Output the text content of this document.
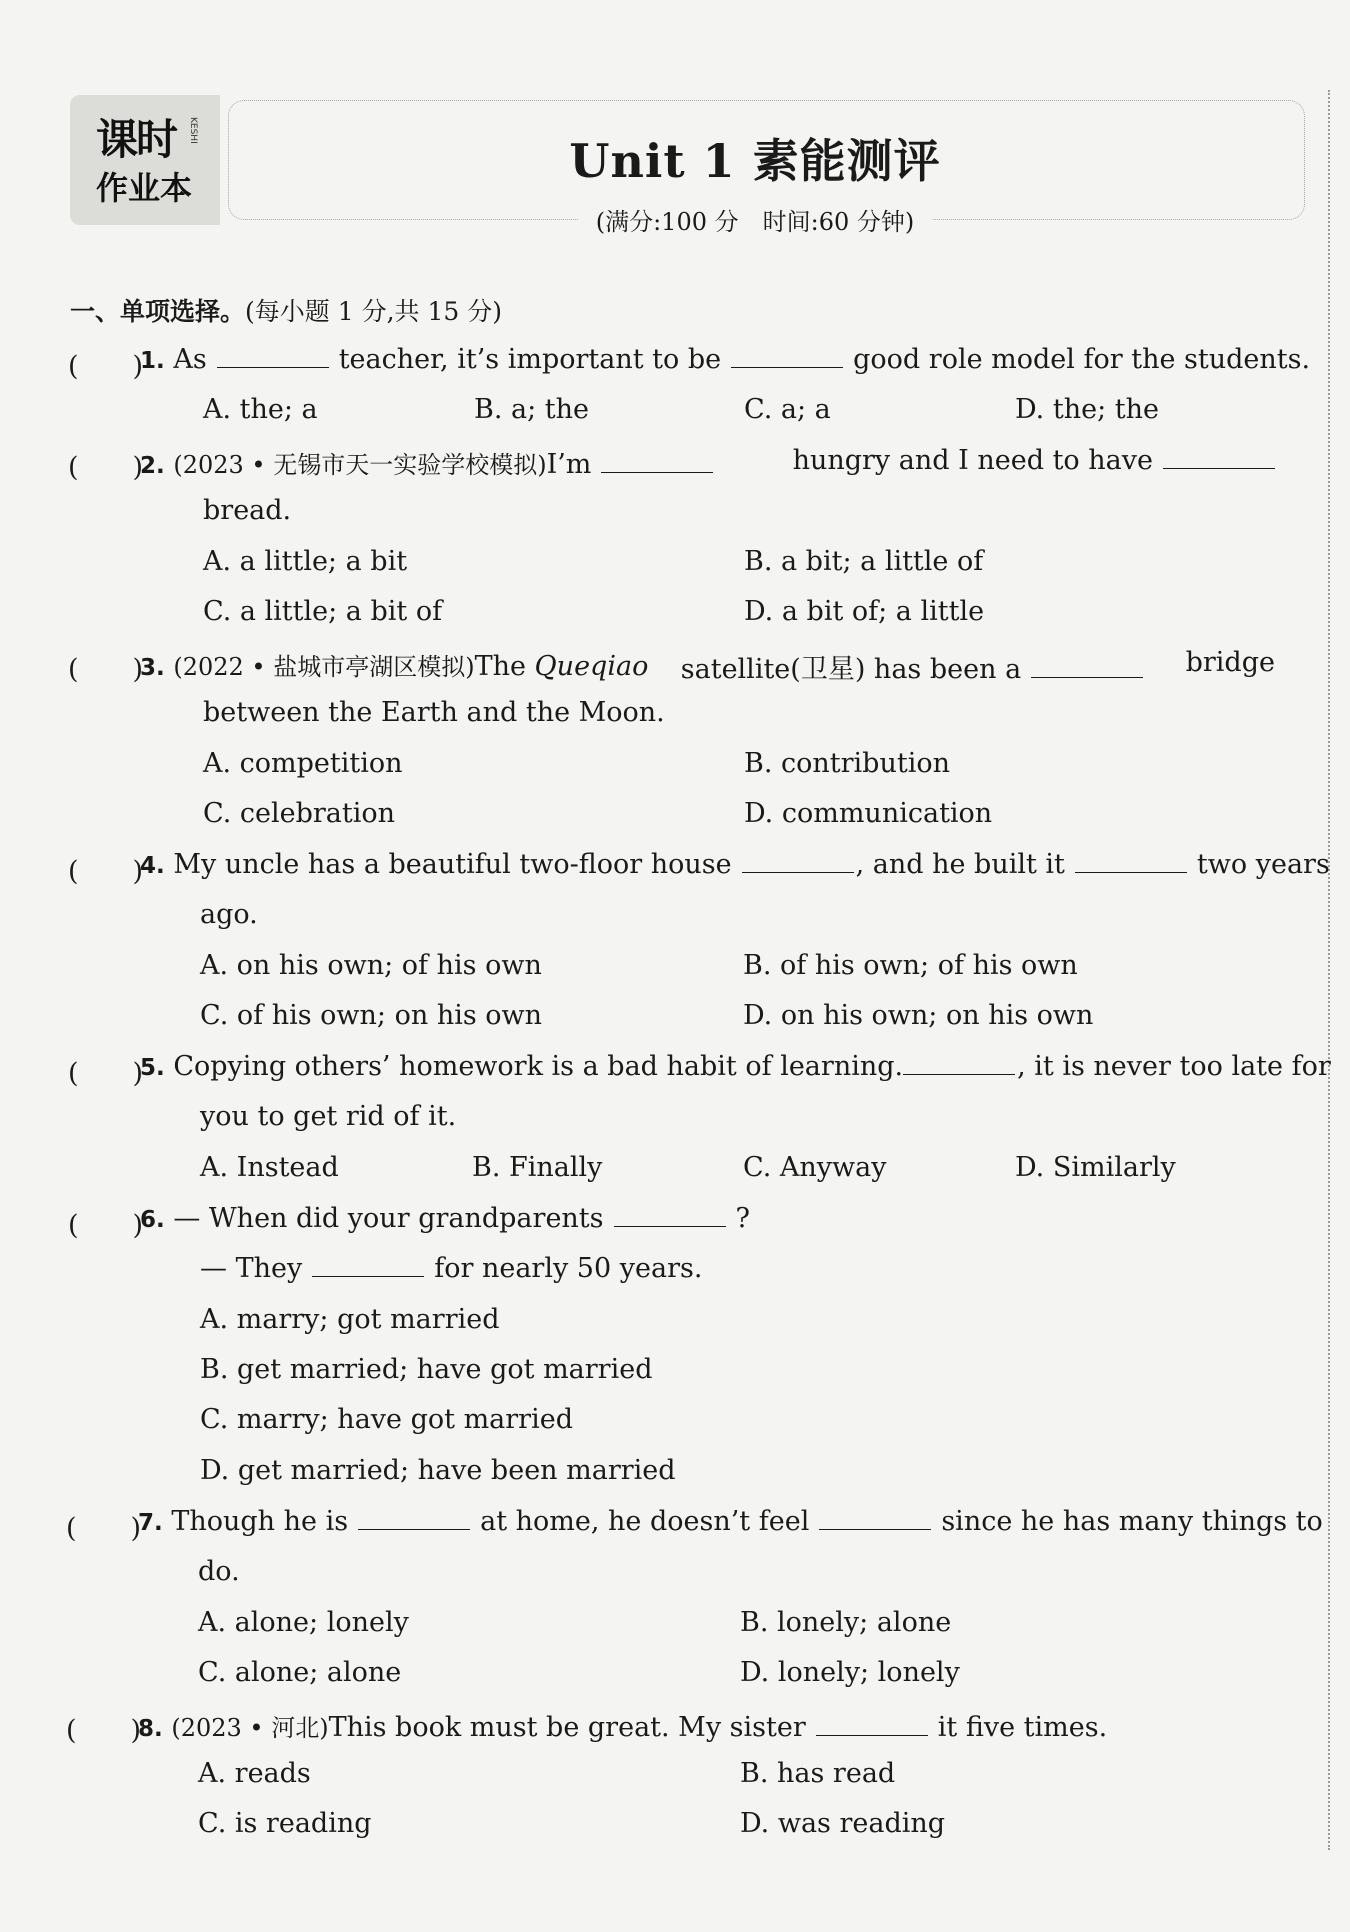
课时 KESHI
作业本	Unit 1 素能测评
(满分:100 分　时间:60 分钟)
一、单项选择。(每小题 1 分,共 15 分)
(　　)
1. As	teacher, it’s important to be	good role model for the students.
A. the; a	B. a; the	C. a; a	D. the; the
(　　)
2. (2023 • 无锡市天一实验学校模拟)I’m	hungry and I need to have
bread.
A. a little; a bit	B. a bit; a little of
C. a little; a bit of	D. a bit of; a little
(　　)
3. (2022 • 盐城市亭湖区模拟)The Queqiao satellite(卫星) has been a	bridge
between the Earth and the Moon.
A. competition	B. contribution
C. celebration	D. communication
(　　)
4. My uncle has a beautiful two-floor house	, and he built it	two years
ago.
A. on his own; of his own	B. of his own; of his own
C. of his own; on his own	D. on his own; on his own
(　　)
5. Copying others’ homework is a bad habit of learning.	, it is never too late for
you to get rid of it.
A. Instead	B. Finally	C. Anyway	D. Similarly
(　　)
6. — When did your grandparents	?
— They	for nearly 50 years.
A. marry; got married
B. get married; have got married
C. marry; have got married
D. get married; have been married
(　　)
7. Though he is	at home, he doesn’t feel	since he has many things to
do.
A. alone; lonely	B. lonely; alone
C. alone; alone	D. lonely; lonely
(　　)
8. (2023 • 河北)This book must be great. My sister	it five times.
A. reads	B. has read
C. is reading	D. was reading
